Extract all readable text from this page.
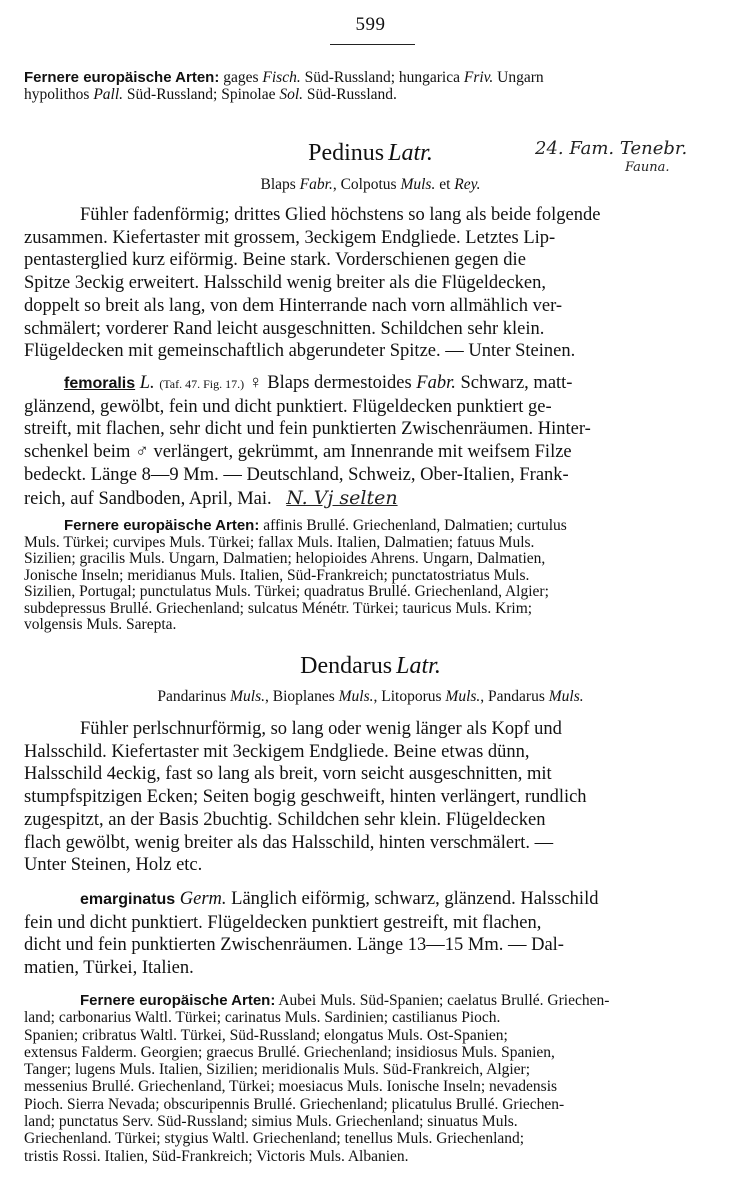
599
Fernere europäische Arten: gages Fisch. Süd-Russland; hungarica Friv. Ungarn
hypolithos Pall. Süd-Russland; Spinolae Sol. Süd-Russland.
Pedinus Latr.	24. Fam. Tenebr.
Fauna.
Blaps Fabr., Colpotus Muls. et Rey.
Fühler fadenförmig; drittes Glied höchstens so lang als beide folgende
zusammen. Kiefertaster mit grossem, 3eckigem Endgliede. Letztes Lip-
pentasterglied kurz eiförmig. Beine stark. Vorderschienen gegen die
Spitze 3eckig erweitert. Halsschild wenig breiter als die Flügeldecken,
doppelt so breit als lang, von dem Hinterrande nach vorn allmählich ver-
schmälert; vorderer Rand leicht ausgeschnitten. Schildchen sehr klein.
Flügeldecken mit gemeinschaftlich abgerundeter Spitze. — Unter Steinen.
femoralis L. (Taf. 47. Fig. 17.) ♀ Blaps dermestoides Fabr. Schwarz, matt-
glänzend, gewölbt, fein und dicht punktiert. Flügeldecken punktiert ge-
streift, mit flachen, sehr dicht und fein punktierten Zwischenräumen. Hinter-
schenkel beim ♂ verlängert, gekrümmt, am Innenrande mit weifsem Filze
bedeckt. Länge 8—9 Mm. — Deutschland, Schweiz, Ober-Italien, Frank-
reich, auf Sandboden, April, Mai. N. Vj selten
Fernere europäische Arten: affinis Brullé. Griechenland, Dalmatien; curtulus
Muls. Türkei; curvipes Muls. Türkei; fallax Muls. Italien, Dalmatien; fatuus Muls.
Sizilien; gracilis Muls. Ungarn, Dalmatien; helopioides Ahrens. Ungarn, Dalmatien,
Jonische Inseln; meridianus Muls. Italien, Süd-Frankreich; punctatostriatus Muls.
Sizilien, Portugal; punctulatus Muls. Türkei; quadratus Brullé. Griechenland, Algier;
subdepressus Brullé. Griechenland; sulcatus Ménétr. Türkei; tauricus Muls. Krim;
volgensis Muls. Sarepta.
Dendarus Latr.
Pandarinus Muls., Bioplanes Muls., Litoporus Muls., Pandarus Muls.
Fühler perlschnurförmig, so lang oder wenig länger als Kopf und
Halsschild. Kiefertaster mit 3eckigem Endgliede. Beine etwas dünn,
Halsschild 4eckig, fast so lang als breit, vorn seicht ausgeschnitten, mit
stumpfspitzigen Ecken; Seiten bogig geschweift, hinten verlängert, rundlich
zugespitzt, an der Basis 2buchtig. Schildchen sehr klein. Flügeldecken
flach gewölbt, wenig breiter als das Halsschild, hinten verschmälert. —
Unter Steinen, Holz etc.
emarginatus Germ. Länglich eiförmig, schwarz, glänzend. Halsschild
fein und dicht punktiert. Flügeldecken punktiert gestreift, mit flachen,
dicht und fein punktierten Zwischenräumen. Länge 13—15 Mm. — Dal-
matien, Türkei, Italien.
Fernere europäische Arten: Aubei Muls. Süd-Spanien; caelatus Brullé. Griechen-
land; carbonarius Waltl. Türkei; carinatus Muls. Sardinien; castilianus Pioch.
Spanien; cribratus Waltl. Türkei, Süd-Russland; elongatus Muls. Ost-Spanien;
extensus Falderm. Georgien; graecus Brullé. Griechenland; insidiosus Muls. Spanien,
Tanger; lugens Muls. Italien, Sizilien; meridionalis Muls. Süd-Frankreich, Algier;
messenius Brullé. Griechenland, Türkei; moesiacus Muls. Ionische Inseln; nevadensis
Pioch. Sierra Nevada; obscuripennis Brullé. Griechenland; plicatulus Brullé. Griechen-
land; punctatus Serv. Süd-Russland; simius Muls. Griechenland; sinuatus Muls.
Griechenland. Türkei; stygius Waltl. Griechenland; tenellus Muls. Griechenland;
tristis Rossi. Italien, Süd-Frankreich; Victoris Muls. Albanien.
